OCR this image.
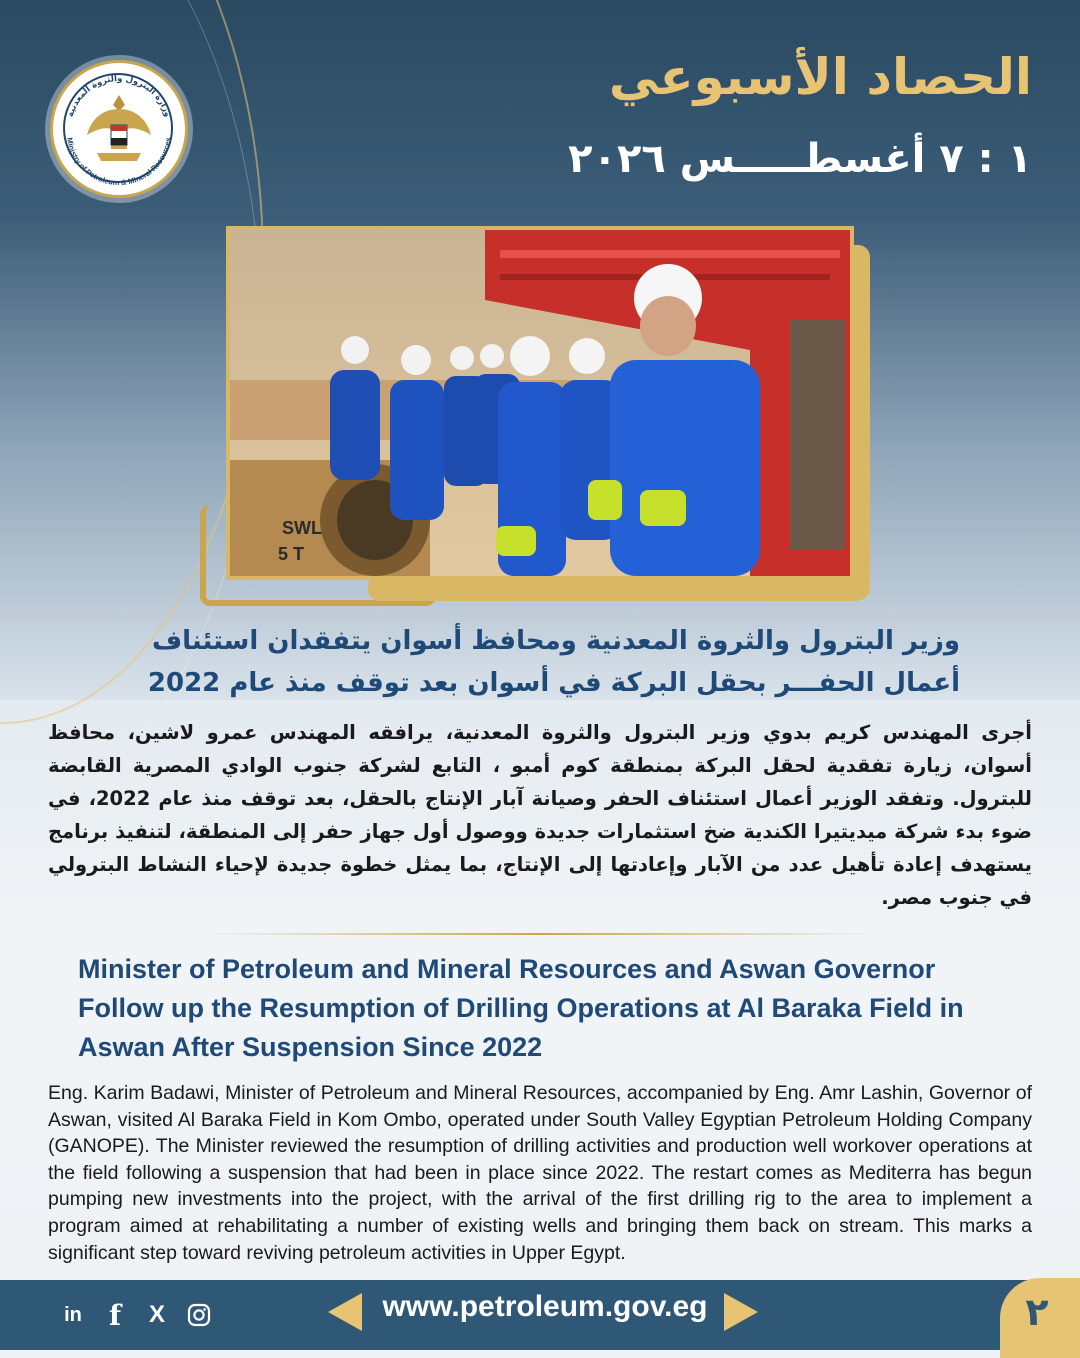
وزارة البترول والثروة المعدنية
Ministry of Petroleum & Mineral Resources
الحصاد الأسبوعي
١ : ٧ أغسطـــــس ٢٠٢٦
SWL
5 T
وزير البترول والثروة المعدنية ومحافظ أسوان يتفقدان استئناف أعمال الحفـــر بحقل البركة في أسوان بعد توقف منذ عام 2022
أجرى المهندس كريم بدوي وزير البترول والثروة المعدنية، يرافقه المهندس عمرو لاشين، محافظ أسوان، زيارة تفقدية لحقل البركة بمنطقة كوم أمبو ، التابع لشركة جنوب الوادي المصرية القابضة للبترول. وتفقد الوزير أعمال استئناف الحفر وصيانة آبار الإنتاج بالحقل، بعد توقف منذ عام 2022، في ضوء بدء شركة ميديتيرا الكندية ضخ استثمارات جديدة ووصول أول جهاز حفر إلى المنطقة، لتنفيذ برنامج يستهدف إعادة تأهيل عدد من الآبار وإعادتها إلى الإنتاج، بما يمثل خطوة جديدة لإحياء النشاط البترولي في جنوب مصر.
Minister of Petroleum and Mineral Resources and Aswan Governor Follow up the Resumption of Drilling Operations at Al Baraka Field in Aswan After Suspension Since 2022
Eng. Karim Badawi, Minister of Petroleum and Mineral Resources, accompanied by Eng. Amr Lashin, Governor of Aswan, visited Al Baraka Field in Kom Ombo, operated under South Valley Egyptian Petroleum Holding Company (GANOPE). The Minister reviewed the resumption of drilling activities and production well workover operations at the field following a suspension that had been in place since 2022. The restart comes as Mediterra has begun pumping new investments into the project, with the arrival of the first drilling rig to the area to implement a program aimed at rehabilitating a number of existing wells and bringing them back on stream. This marks a significant step toward reviving petroleum activities in Upper Egypt.
in f X	www.petroleum.gov.eg	٢
